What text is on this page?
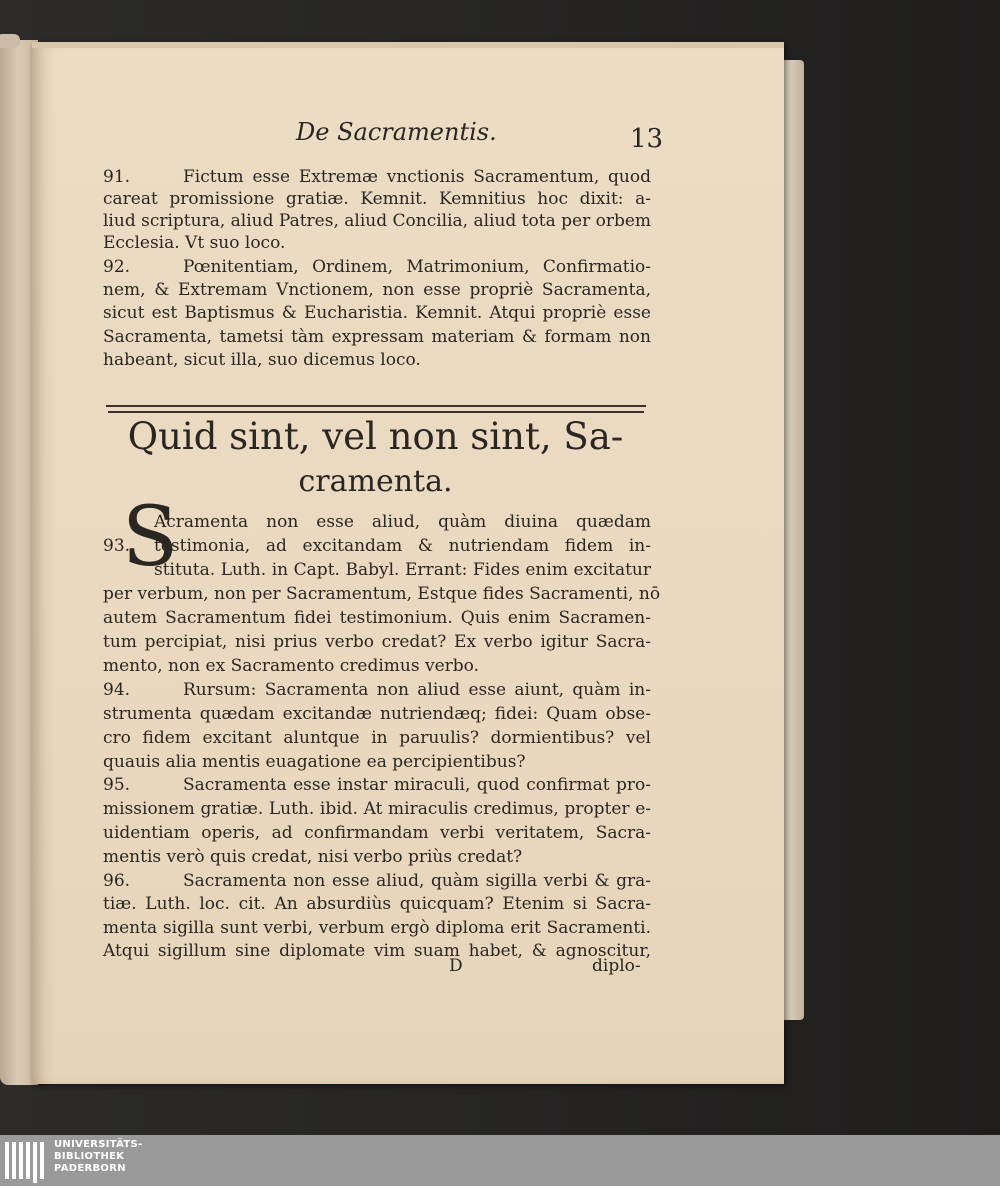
De Sacramentis.	13
91.	Fictum esse Extremæ vnctionis Sacramentum, quod
careat promissione gratiæ. Kemnit. Kemnitius hoc dixit: a-
liud scriptura, aliud Patres, aliud Concilia, aliud tota per orbem
Ecclesia. Vt suo loco.
92.	Pœnitentiam, Ordinem, Matrimonium, Confirmatio-
nem, & Extremam Vnctionem, non esse propriè Sacramenta,
sicut est Baptismus & Eucharistia. Kemnit. Atqui propriè esse
Sacramenta, tametsi tàm expressam materiam & formam non
habeant, sicut illa, suo dicemus loco.
Quid sint, vel non sint, Sa-
cramenta.
S
Acramenta non esse aliud, quàm diuina quædam
93. testimonia, ad excitandam & nutriendam fidem in-
stituta. Luth. in Capt. Babyl. Errant: Fides enim excitatur
per verbum, non per Sacramentum, Estque fides Sacramenti, nō
autem Sacramentum fidei testimonium. Quis enim Sacramen-
tum percipiat, nisi prius verbo credat? Ex verbo igitur Sacra-
mento, non ex Sacramento credimus verbo.
94.	Rursum: Sacramenta non aliud esse aiunt, quàm in-
strumenta quædam excitandæ nutriendæq; fidei: Quam obse-
cro fidem excitant aluntque in paruulis? dormientibus? vel
quauis alia mentis euagatione ea percipientibus?
95.	Sacramenta esse instar miraculi, quod confirmat pro-
missionem gratiæ. Luth. ibid. At miraculis credimus, propter e-
uidentiam operis, ad confirmandam verbi veritatem, Sacra-
mentis verò quis credat, nisi verbo priùs credat?
96.	Sacramenta non esse aliud, quàm sigilla verbi & gra-
tiæ. Luth. loc. cit. An absurdiùs quicquam? Etenim si Sacra-
menta sigilla sunt verbi, verbum ergò diploma erit Sacramenti.
Atqui sigillum sine diplomate vim suam habet, & agnoscitur,
D	diplo-
UNIVERSITÄTS-
BIBLIOTHEK
PADERBORN
